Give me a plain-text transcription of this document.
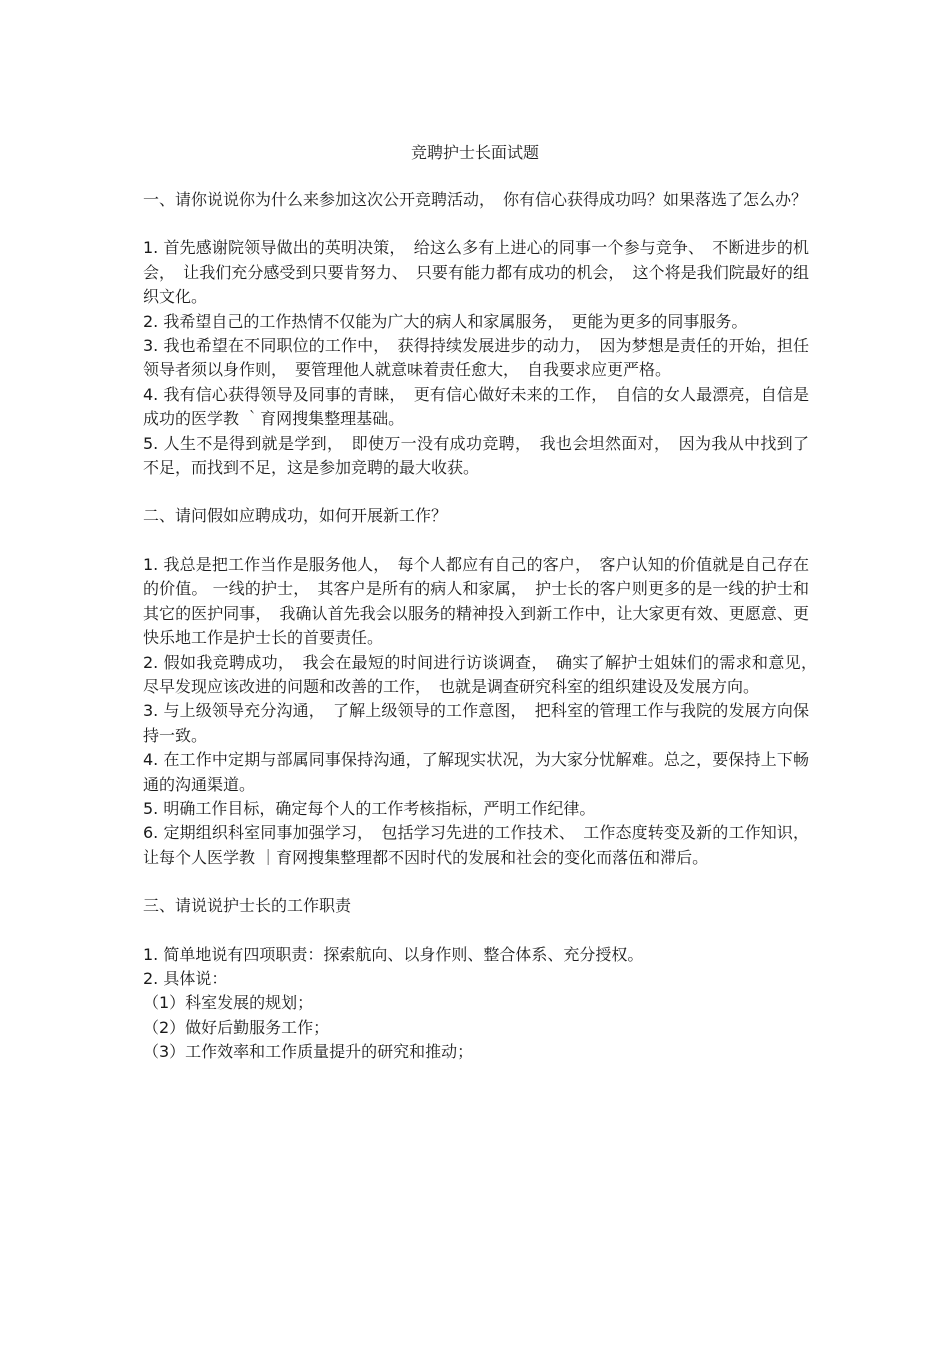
竞聘护士长面试题

一、请你说说你为什么来参加这次公开竞聘活动，　你有信心获得成功吗？如果落选了怎么办？

1. 首先感谢院领导做出的英明决策，　给这么多有上进心的同事一个参与竞争、　不断进步的机会，　让我们充分感受到只要肯努力、　只要有能力都有成功的机会，　这个将是我们院最好的组织文化。

2. 我希望自己的工作热情不仅能为广大的病人和家属服务，　更能为更多的同事服务。

3. 我也希望在不同职位的工作中，　获得持续发展进步的动力，　因为梦想是责任的开始，担任领导者须以身作则，　要管理他人就意味着责任愈大，　自我要求应更严格。

4. 我有信心获得领导及同事的青睐，　更有信心做好未来的工作，　自信的女人最漂亮，自信是成功的医学教 ｀育网搜集整理基础。

5. 人生不是得到就是学到，　即使万一没有成功竞聘，　我也会坦然面对，　因为我从中找到了不足，而找到不足，这是参加竞聘的最大收获。

二、请问假如应聘成功，如何开展新工作？

1. 我总是把工作当作是服务他人，　每个人都应有自己的客户，　客户认知的价值就是自己存在的价值。 一线的护士，　其客户是所有的病人和家属，　护士长的客户则更多的是一线的护士和其它的医护同事，　我确认首先我会以服务的精神投入到新工作中，让大家更有效、更愿意、更快乐地工作是护士长的首要责任。

2. 假如我竞聘成功，　我会在最短的时间进行访谈调查，　确实了解护士姐妹们的需求和意见，　尽早发现应该改进的问题和改善的工作，　也就是调查研究科室的组织建设及发展方向。

3. 与上级领导充分沟通，　了解上级领导的工作意图，　把科室的管理工作与我院的发展方向保持一致。

4. 在工作中定期与部属同事保持沟通，了解现实状况，为大家分忧解难。总之，要保持上下畅通的沟通渠道。

5. 明确工作目标，确定每个人的工作考核指标，严明工作纪律。

6. 定期组织科室同事加强学习，　包括学习先进的工作技术、　工作态度转变及新的工作知识，让每个人医学教 ｜育网搜集整理都不因时代的发展和社会的变化而落伍和滞后。

三、请说说护士长的工作职责

1. 简单地说有四项职责：探索航向、以身作则、整合体系、充分授权。

2. 具体说：

（1）科室发展的规划；

（2）做好后勤服务工作；

（3）工作效率和工作质量提升的研究和推动；
